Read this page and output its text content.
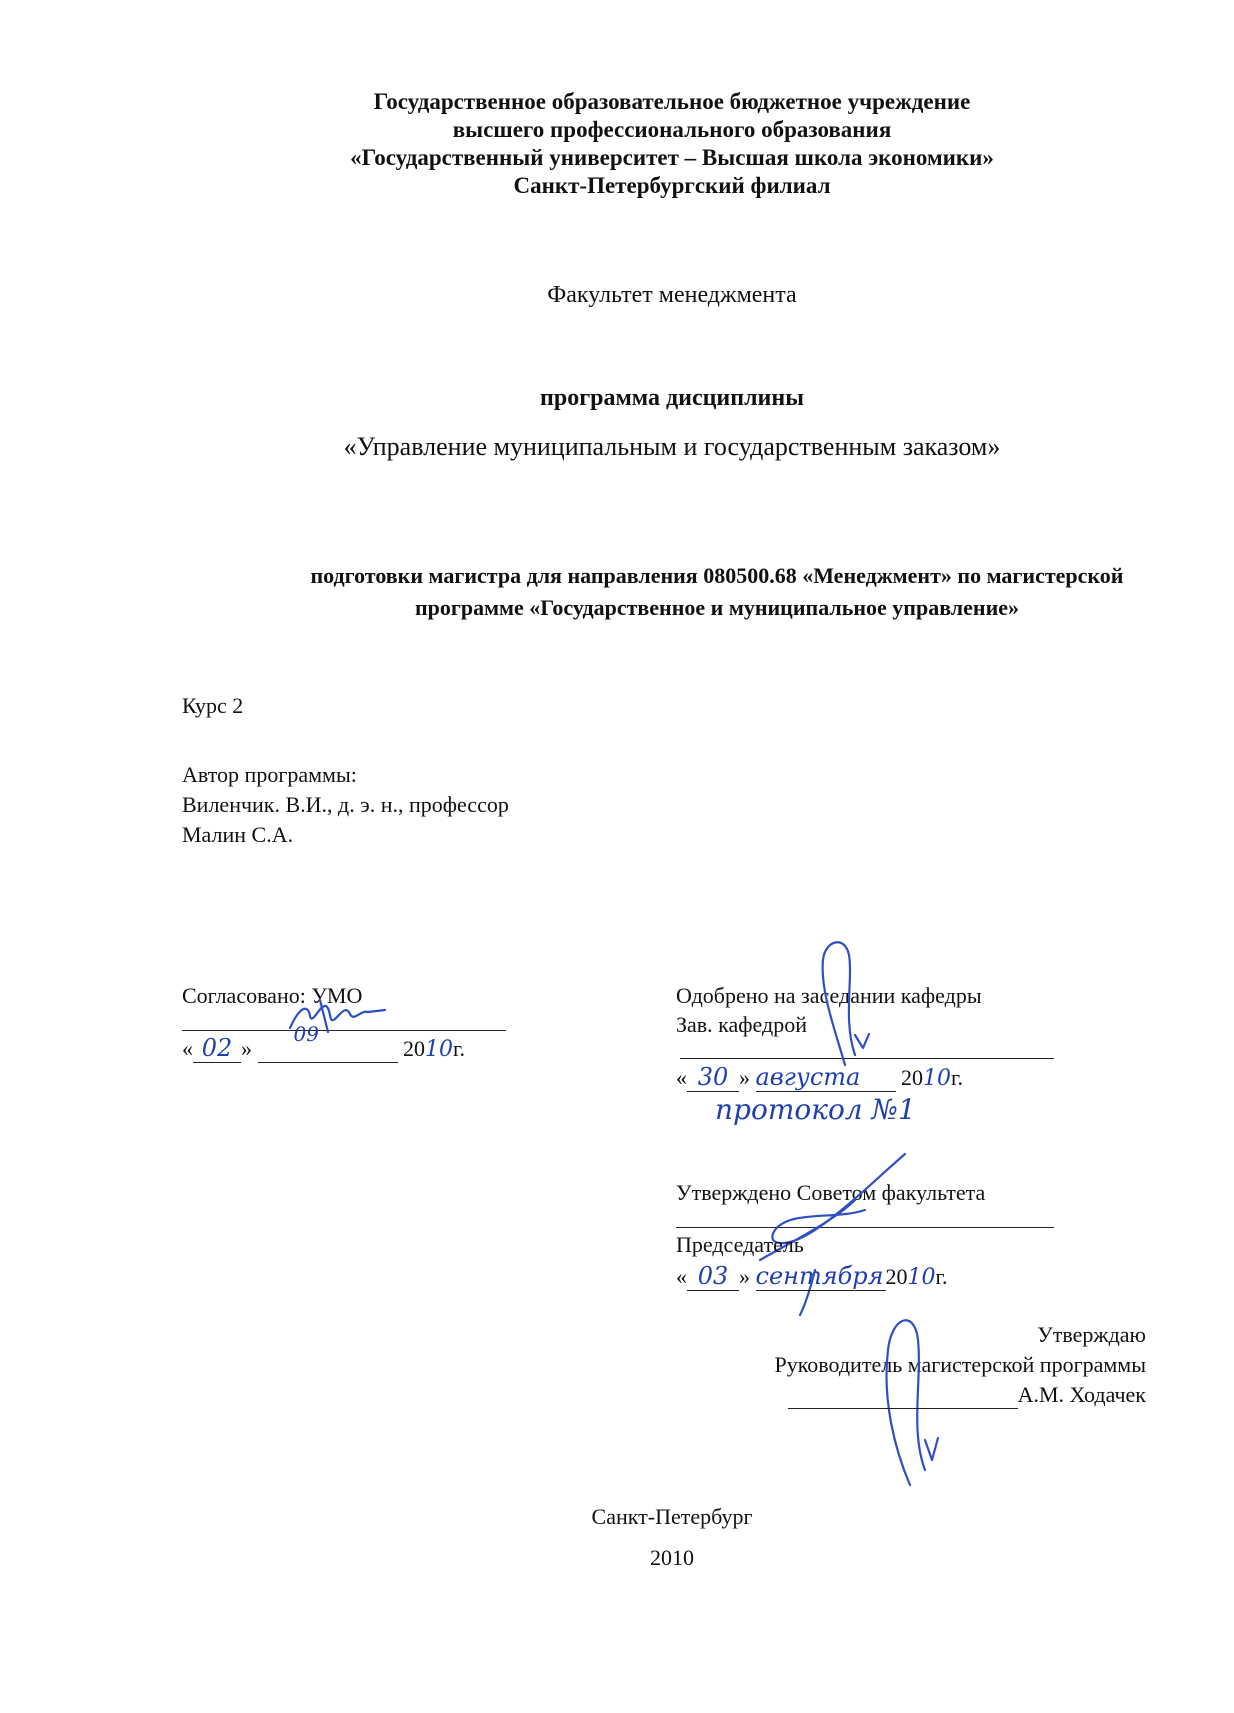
Государственное образовательное бюджетное учреждение
высшего профессионального образования
«Государственный университет – Высшая школа экономики»
Санкт-Петербургский филиал
Факультет менеджмента
программа дисциплины
«Управление муниципальным и государственным заказом»
подготовки магистра для направления 080500.68 «Менеджмент» по магистерской
программе «Государственное и муниципальное управление»
Курс 2
Автор программы:
Виленчик. В.И., д. э. н., профессор
Малин С.А.
Согласовано: УМО
« 02 »
09
2010г.
Одобрено на заседании кафедры
Зав. кафедрой
« 30 » августа 2010г.
протокол №1
Утверждено Советом факультета
Председатель
« 03 » сентября2010г.
Утверждаю
Руководитель магистерской программы
А.М. Ходачек
Санкт-Петербург
2010
